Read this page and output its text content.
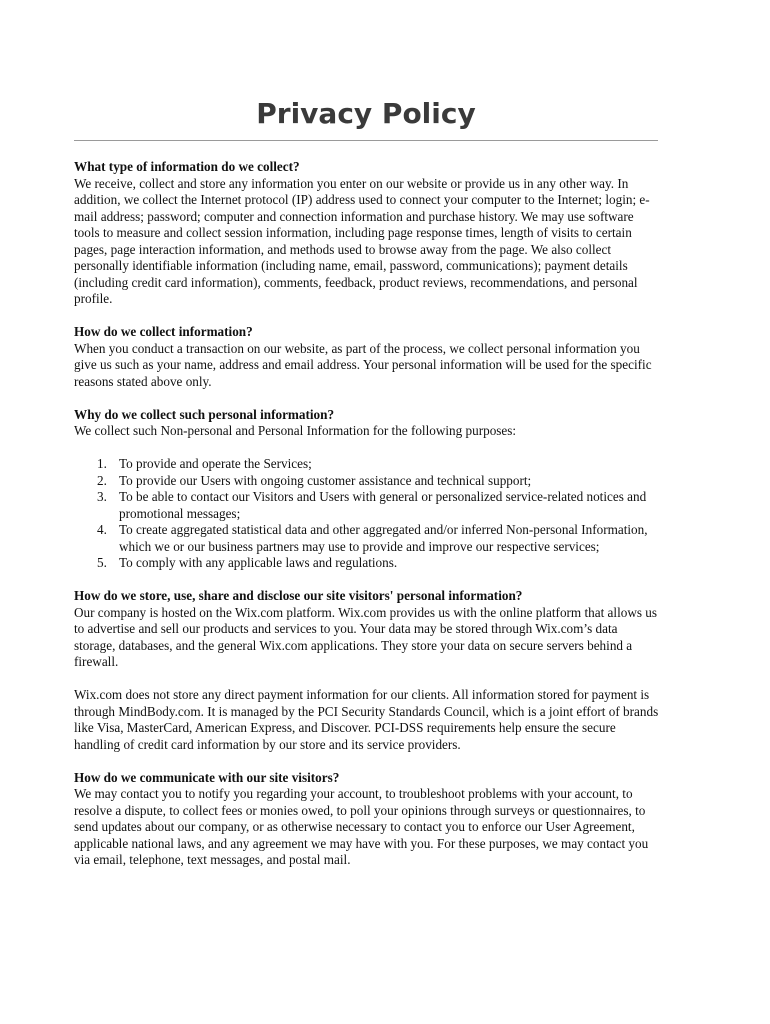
Privacy Policy
What type of information do we collect?
We receive, collect and store any information you enter on our website or provide us in any other way. In addition, we collect the Internet protocol (IP) address used to connect your computer to the Internet; login; e-mail address; password; computer and connection information and purchase history. We may use software tools to measure and collect session information, including page response times, length of visits to certain pages, page interaction information, and methods used to browse away from the page. We also collect personally identifiable information (including name, email, password, communications); payment details (including credit card information), comments, feedback, product reviews, recommendations, and personal profile.
How do we collect information?
When you conduct a transaction on our website, as part of the process, we collect personal information you give us such as your name, address and email address. Your personal information will be used for the specific reasons stated above only.
Why do we collect such personal information?
We collect such Non-personal and Personal Information for the following purposes:
1. To provide and operate the Services;
2. To provide our Users with ongoing customer assistance and technical support;
3. To be able to contact our Visitors and Users with general or personalized service-related notices and promotional messages;
4. To create aggregated statistical data and other aggregated and/or inferred Non-personal Information, which we or our business partners may use to provide and improve our respective services;
5. To comply with any applicable laws and regulations.
How do we store, use, share and disclose our site visitors' personal information?
Our company is hosted on the Wix.com platform. Wix.com provides us with the online platform that allows us to advertise and sell our products and services to you. Your data may be stored through Wix.com’s data storage, databases, and the general Wix.com applications. They store your data on secure servers behind a firewall.
Wix.com does not store any direct payment information for our clients. All information stored for payment is through MindBody.com. It is managed by the PCI Security Standards Council, which is a joint effort of brands like Visa, MasterCard, American Express, and Discover. PCI-DSS requirements help ensure the secure handling of credit card information by our store and its service providers.
How do we communicate with our site visitors?
We may contact you to notify you regarding your account, to troubleshoot problems with your account, to resolve a dispute, to collect fees or monies owed, to poll your opinions through surveys or questionnaires, to send updates about our company, or as otherwise necessary to contact you to enforce our User Agreement, applicable national laws, and any agreement we may have with you. For these purposes, we may contact you via email, telephone, text messages, and postal mail.
